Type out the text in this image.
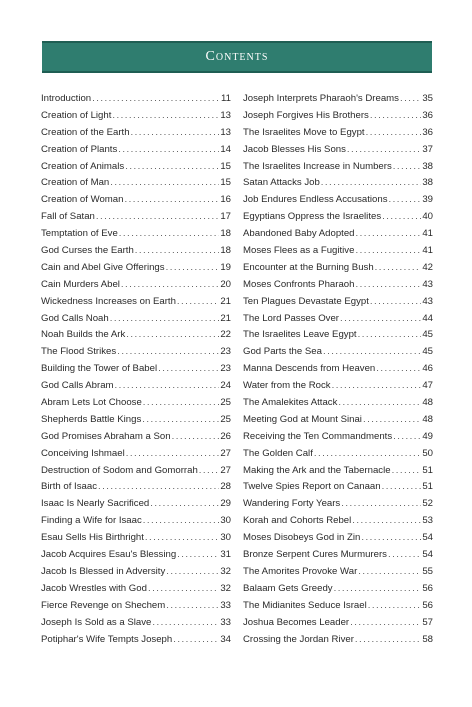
Contents
Introduction . . .	11
Creation of Light . . .	13
Creation of the Earth . . .	13
Creation of Plants . . .	14
Creation of Animals . . .	15
Creation of Man . . .	15
Creation of Woman . . .	16
Fall of Satan . . .	17
Temptation of Eve . . .	18
God Curses the Earth . . .	18
Cain and Abel Give Offerings . . .	19
Cain Murders Abel . . .	20
Wickedness Increases on Earth . . .	21
God Calls Noah . . .	21
Noah Builds the Ark . . .	22
The Flood Strikes . . .	23
Building the Tower of Babel . . .	23
God Calls Abram . . .	24
Abram Lets Lot Choose . . .	25
Shepherds Battle Kings . . .	25
God Promises Abraham a Son . . .	26
Conceiving Ishmael . . .	27
Destruction of Sodom and Gomorrah . . . 27
Birth of Isaac . . .	28
Isaac Is Nearly Sacrificed . . .	29
Finding a Wife for Isaac . . .	30
Esau Sells His Birthright . . .	30
Jacob Acquires Esau's Blessing . . .	31
Jacob Is Blessed in Adversity . . .	32
Jacob Wrestles with God . . .	32
Fierce Revenge on Shechem . . .	33
Joseph Is Sold as a Slave . . .	33
Potiphar's Wife Tempts Joseph . . .	34
Joseph Interprets Pharaoh's Dreams . . . 35
Joseph Forgives His Brothers . . .	36
The Israelites Move to Egypt . . .	36
Jacob Blesses His Sons . . .	37
The Israelites Increase in Numbers . . .	38
Satan Attacks Job . . .	38
Job Endures Endless Accusations . . .	39
Egyptians Oppress the Israelites . . .	40
Abandoned Baby Adopted . . .	41
Moses Flees as a Fugitive . . .	41
Encounter at the Burning Bush . . .	42
Moses Confronts Pharaoh . . .	43
Ten Plagues Devastate Egypt . . .	43
The Lord Passes Over . . .	44
The Israelites Leave Egypt . . .	45
God Parts the Sea . . .	45
Manna Descends from Heaven . . .	46
Water from the Rock . . .	47
The Amalekites Attack . . .	48
Meeting God at Mount Sinai . . .	48
Receiving the Ten Commandments . . .	49
The Golden Calf . . .	50
Making the Ark and the Tabernacle . . .	51
Twelve Spies Report on Canaan . . .	51
Wandering Forty Years . . .	52
Korah and Cohorts Rebel . . .	53
Moses Disobeys God in Zin . . .	54
Bronze Serpent Cures Murmurers . . .	54
The Amorites Provoke War . . .	55
Balaam Gets Greedy . . .	56
The Midianites Seduce Israel . . .	56
Joshua Becomes Leader . . .	57
Crossing the Jordan River . . .	58
